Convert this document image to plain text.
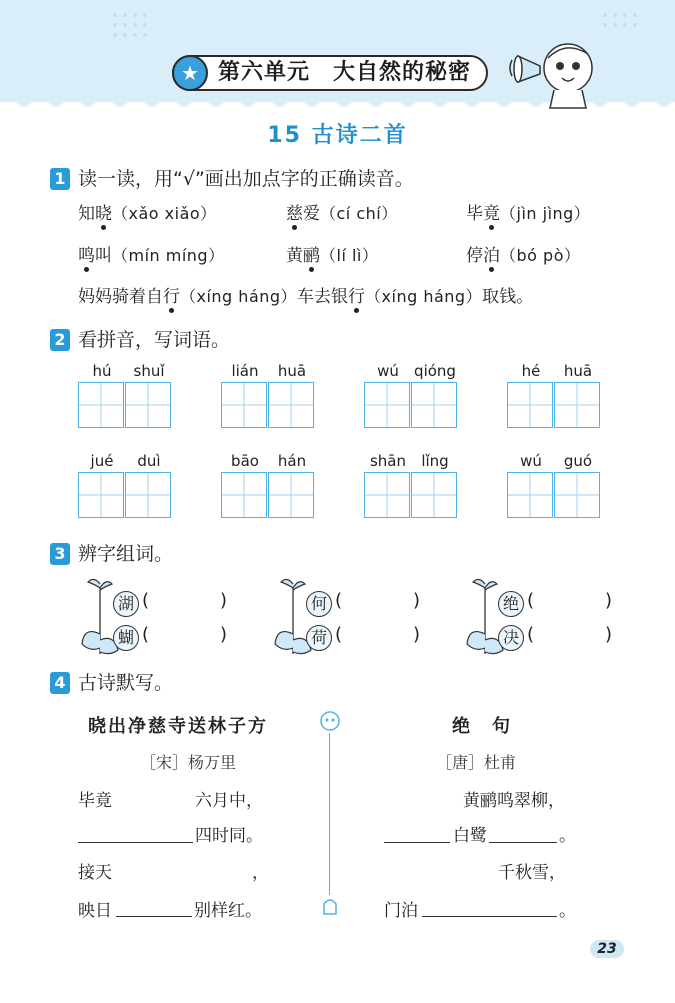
★ 第六单元　大自然的秘密
15 古诗二首
1 读一读，用“√”画出加点字的正确读音。
知晓（xǎo xiǎo）	慈爱（cí chí）	毕竟（jìn jìng）
鸣叫（mín míng）	黄鹂（lí lì）	停泊（bó pò）
妈妈骑着自行（xíng háng）车去银行（xíng háng）取钱。
2 看拼音，写词语。
hú	shuǐ	lián	huā	wú	qióng	hé	huā
jué	duì	bāo	hán	shān	lǐng	wú	guó
3 辨字组词。
湖 (	)
蝴 (	)
何 (	)
荷 (	)
绝 (	)
决 (	)
4 古诗默写。
晓出净慈寺送林子方
［宋］杨万里
毕竟	六月中，
四时同。
接天	，
映日	别样红。
绝　句
［唐］杜甫
黄鹂鸣翠柳，
白鹭	。
千秋雪，
门泊	。
23
